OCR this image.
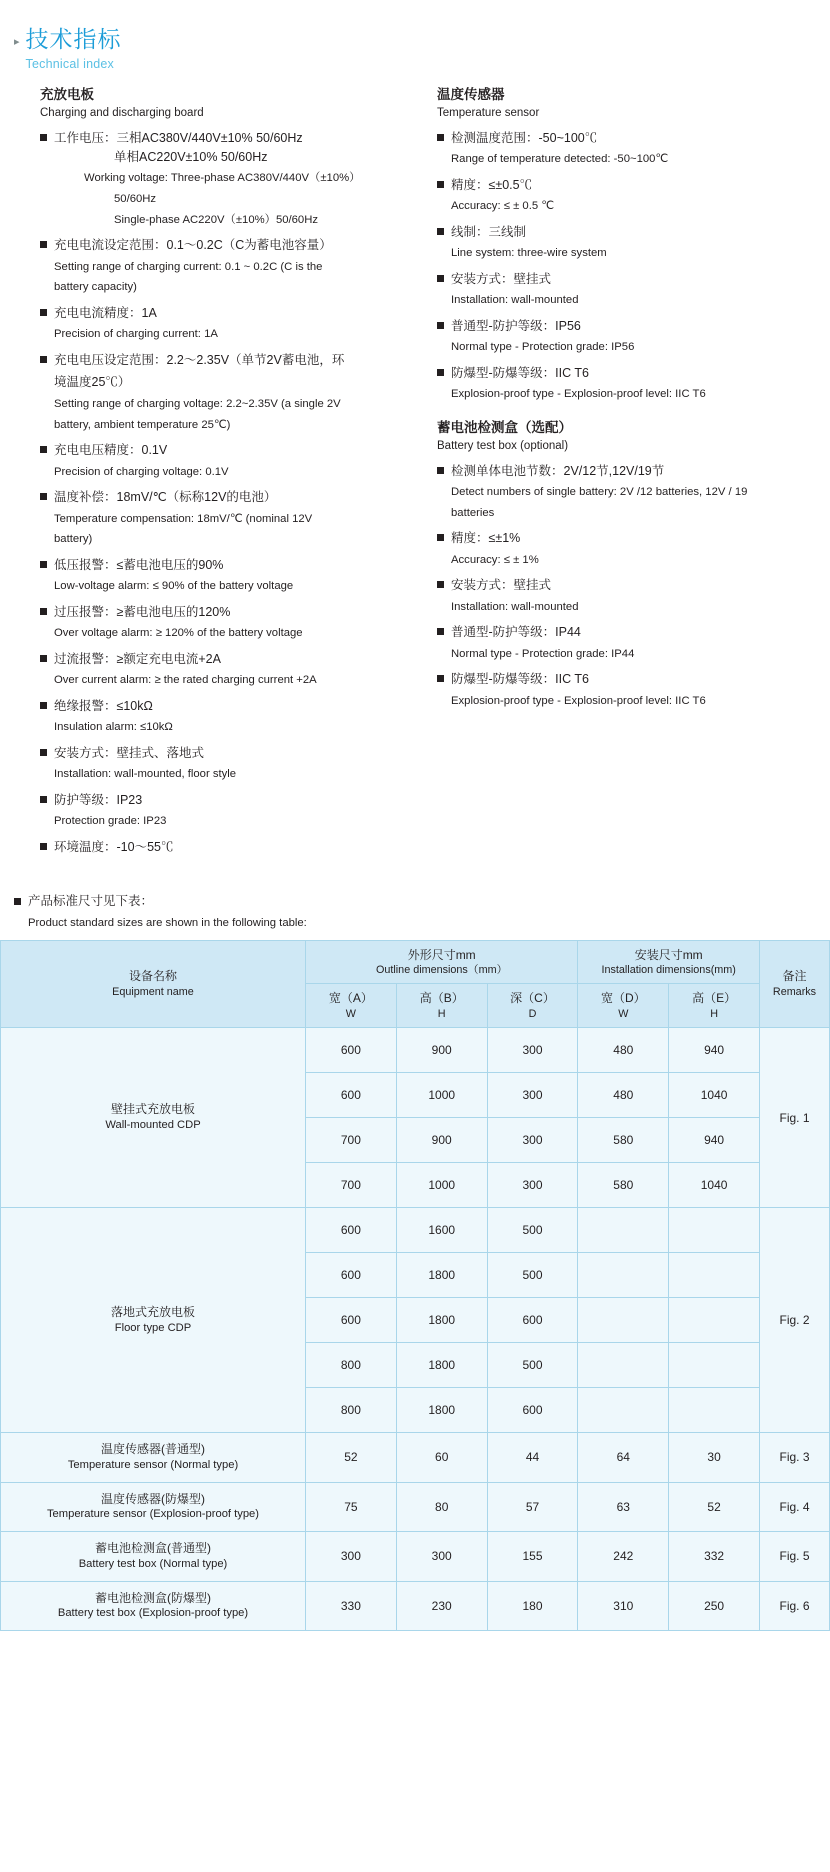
▸ 技术指标
Technical index
充放电板
Charging and discharging board
工作电压：三相AC380V/440V±10% 50/60Hz
单相AC220V±10% 50/60Hz
Working voltage: Three-phase AC380V/440V（±10%）
50/60Hz
Single-phase AC220V（±10%）50/60Hz
充电电流设定范围：0.1～0.2C（C为蓄电池容量）
Setting range of charging current: 0.1 ~ 0.2C (C is the
battery capacity)
充电电流精度：1A
Precision of charging current: 1A
充电电压设定范围：2.2～2.35V（单节2V蓄电池，环
境温度25℃）
Setting range of charging voltage: 2.2~2.35V (a single 2V
battery, ambient temperature 25℃)
充电电压精度：0.1V
Precision of charging voltage: 0.1V
温度补偿：18mV/℃（标称12V的电池）
Temperature compensation: 18mV/℃ (nominal 12V
battery)
低压报警：≤蓄电池电压的90%
Low-voltage alarm: ≤ 90% of the battery voltage
过压报警：≥蓄电池电压的120%
Over voltage alarm: ≥ 120% of the battery voltage
过流报警：≥额定充电电流+2A
Over current alarm: ≥ the rated charging current +2A
绝缘报警：≤10kΩ
Insulation alarm: ≤10kΩ
安装方式：壁挂式、落地式
Installation: wall-mounted, floor style
防护等级：IP23
Protection grade: IP23
环境温度：-10～55℃
温度传感器
Temperature sensor
检测温度范围：-50~100℃
Range of temperature detected: -50~100℃
精度：≤±0.5℃
Accuracy: ≤ ± 0.5 ℃
线制：三线制
Line system: three-wire system
安装方式：壁挂式
Installation: wall-mounted
普通型-防护等级：IP56
Normal type - Protection grade: IP56
防爆型-防爆等级：IIC T6
Explosion-proof type - Explosion-proof level: IIC T6
蓄电池检测盒（选配）
Battery test box (optional)
检测单体电池节数：2V/12节,12V/19节
Detect numbers of single battery: 2V /12 batteries, 12V / 19
batteries
精度：≤±1%
Accuracy: ≤ ± 1%
安装方式：壁挂式
Installation: wall-mounted
普通型-防护等级：IP44
Normal type - Protection grade: IP44
防爆型-防爆等级：IIC T6
Explosion-proof type - Explosion-proof level: IIC T6
产品标准尺寸见下表：
Product standard sizes are shown in the following table:
设备名称
Equipment name	外形尺寸mm
Outline dimensions（mm）			安装尺寸mm
Installation dimensions(mm)		备注
Remarks

	宽（A）
W	高（B）
H	深（C）
D	宽（D）
W	高（E）
H	

壁挂式充放电板
Wall-mounted CDP	600	900	300	480	940	Fig. 1
	600	1000	300	480	1040	
	700	900	300	580	940	
	700	1000	300	580	1040	

落地式充放电板
Floor type CDP	600	1600	500			Fig. 2
	600	1800	500			
	600	1800	600			
	800	1800	500			
	800	1800	600			

温度传感器(普通型)
Temperature sensor (Normal type)	52	60	44	64	30	Fig. 3

温度传感器(防爆型)
Temperature sensor (Explosion-proof type)	75	80	57	63	52	Fig. 4

蓄电池检测盒(普通型)
Battery test box (Normal type)	300	300	155	242	332	Fig. 5

蓄电池检测盒(防爆型)
Battery test box (Explosion-proof type)	330	230	180	310	250	Fig. 6
